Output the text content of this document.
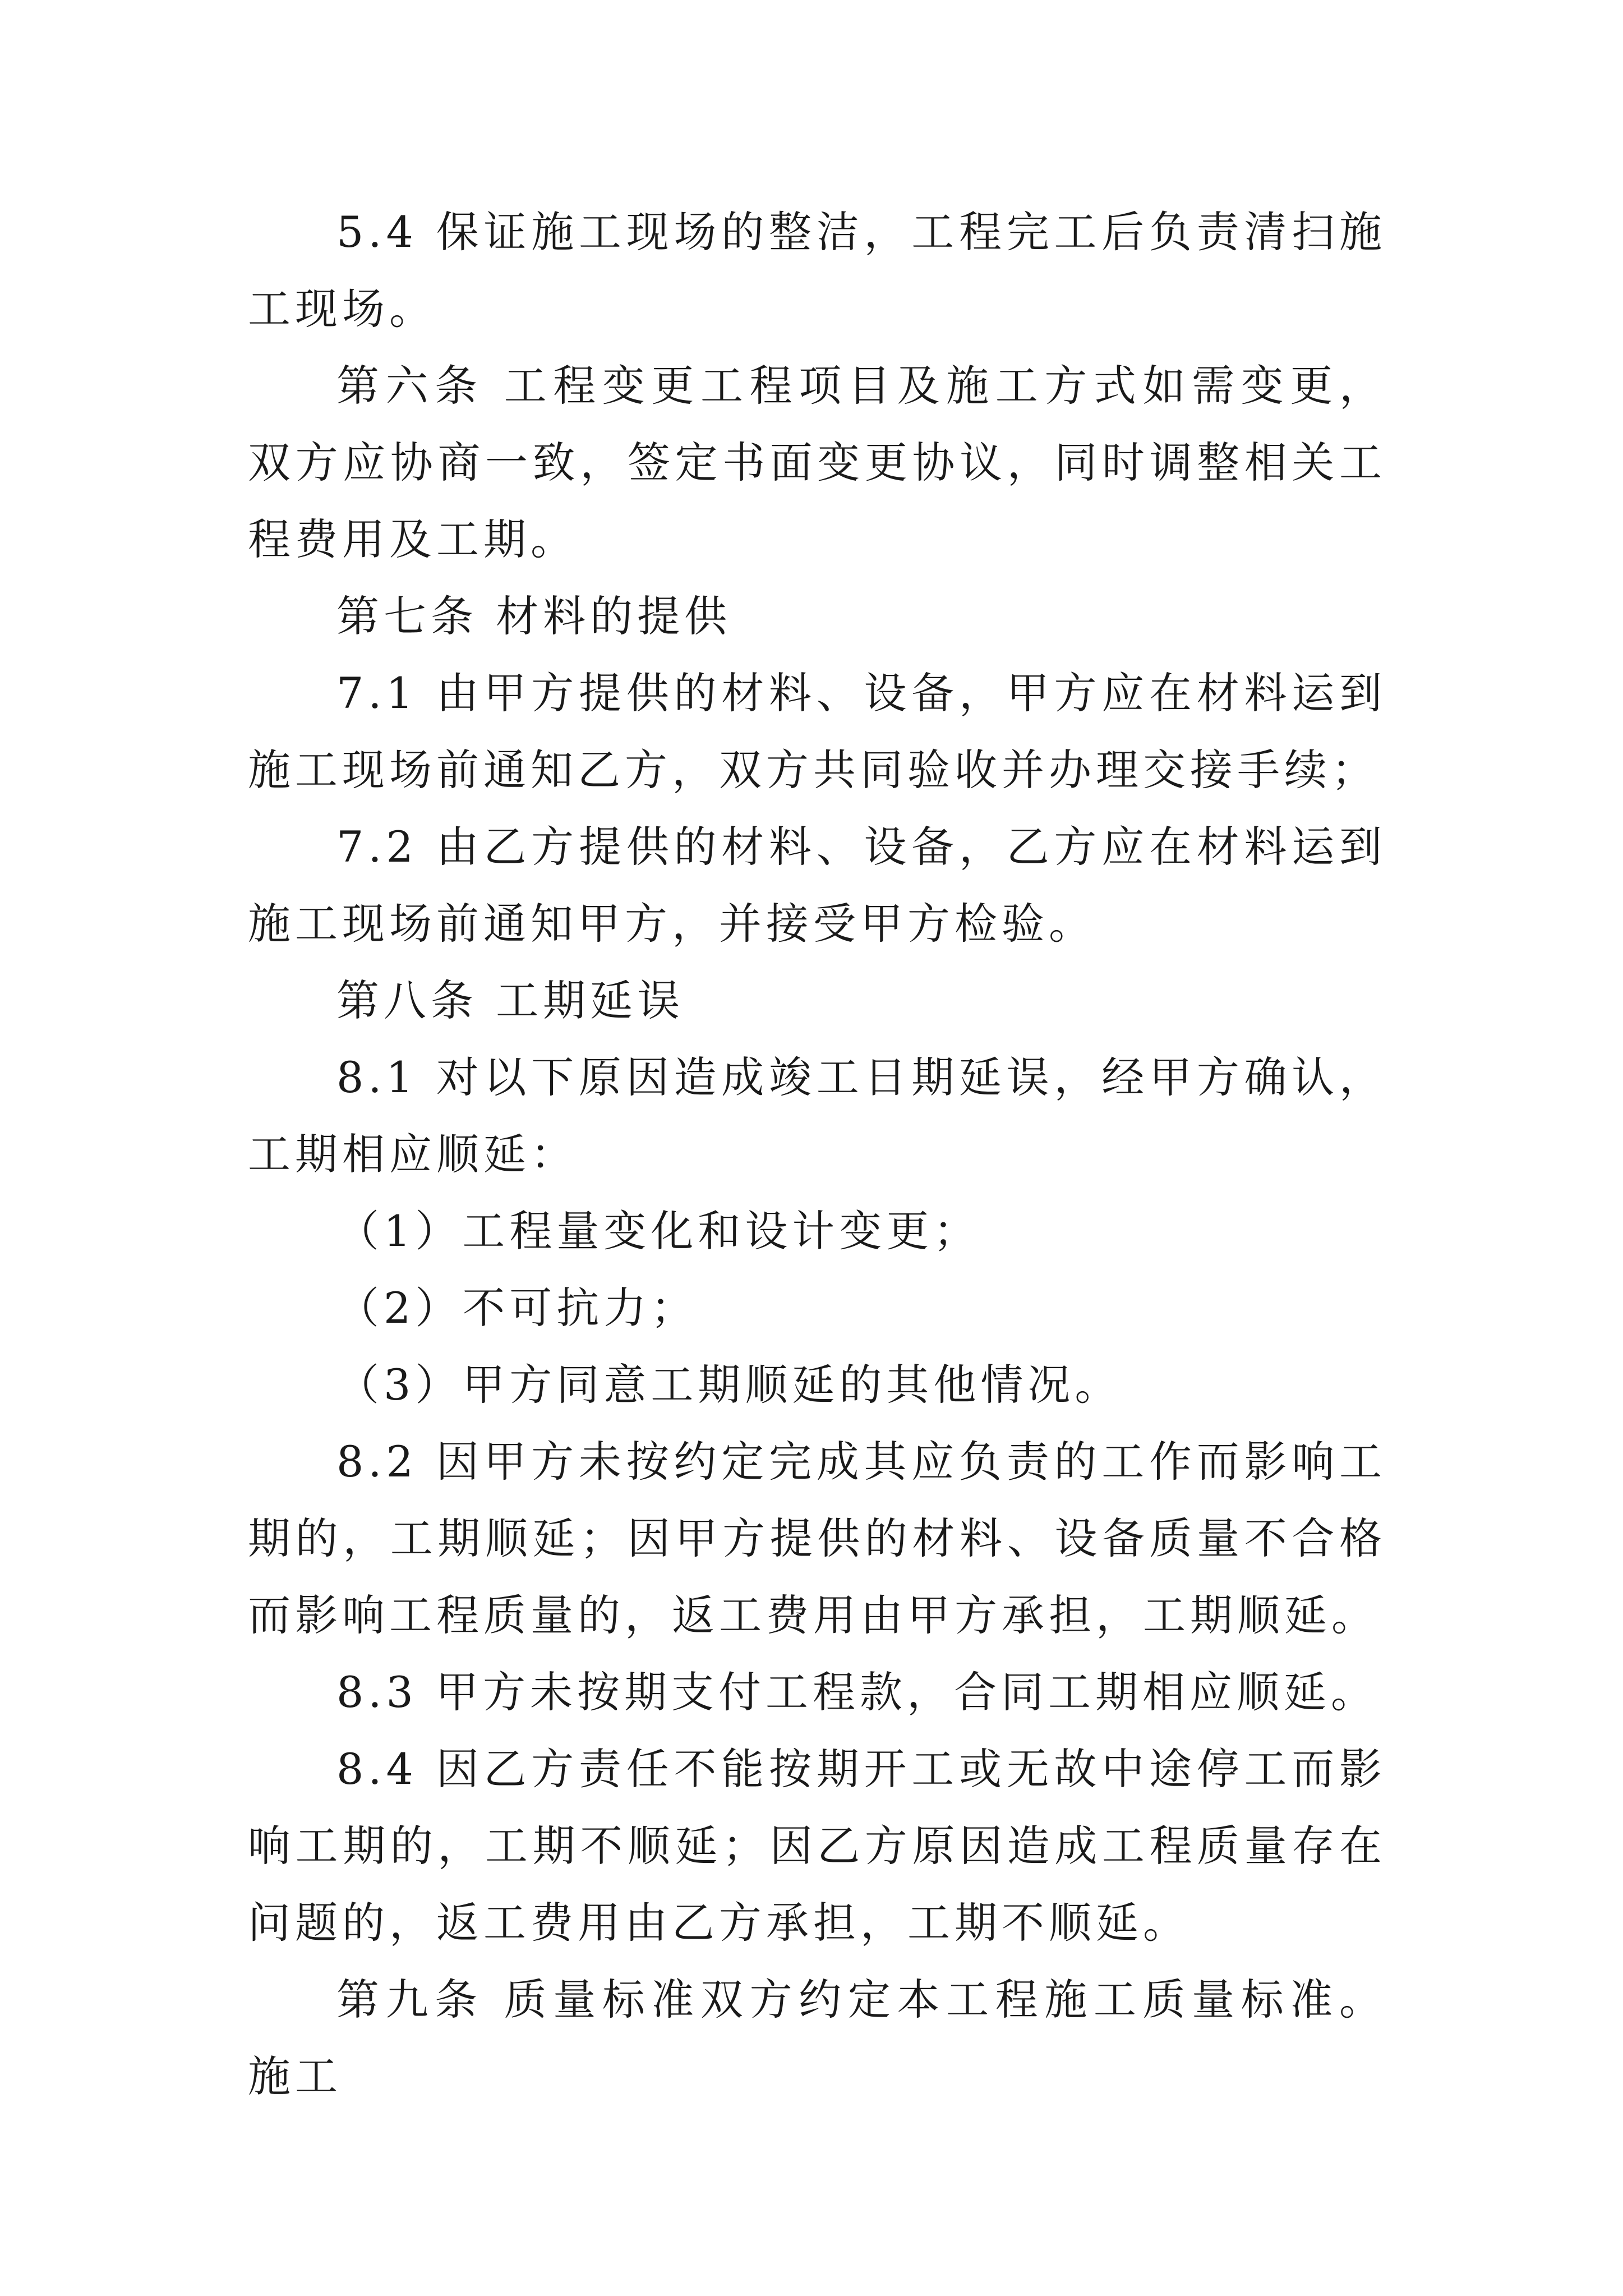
5.4 保证施工现场的整洁，工程完工后负责清扫施工现场。

第六条 工程变更工程项目及施工方式如需变更，双方应协商一致，签定书面变更协议，同时调整相关工程费用及工期。

第七条 材料的提供

7.1 由甲方提供的材料、设备，甲方应在材料运到施工现场前通知乙方，双方共同验收并办理交接手续；

7.2 由乙方提供的材料、设备，乙方应在材料运到施工现场前通知甲方，并接受甲方检验。

第八条 工期延误

8.1 对以下原因造成竣工日期延误，经甲方确认，工期相应顺延：

（1）工程量变化和设计变更；

（2）不可抗力；

（3）甲方同意工期顺延的其他情况。

8.2 因甲方未按约定完成其应负责的工作而影响工期的，工期顺延；因甲方提供的材料、设备质量不合格而影响工程质量的，返工费用由甲方承担，工期顺延。

8.3 甲方未按期支付工程款，合同工期相应顺延。

8.4 因乙方责任不能按期开工或无故中途停工而影响工期的，工期不顺延；因乙方原因造成工程质量存在问题的，返工费用由乙方承担，工期不顺延。

第九条 质量标准双方约定本工程施工质量标准。施工
